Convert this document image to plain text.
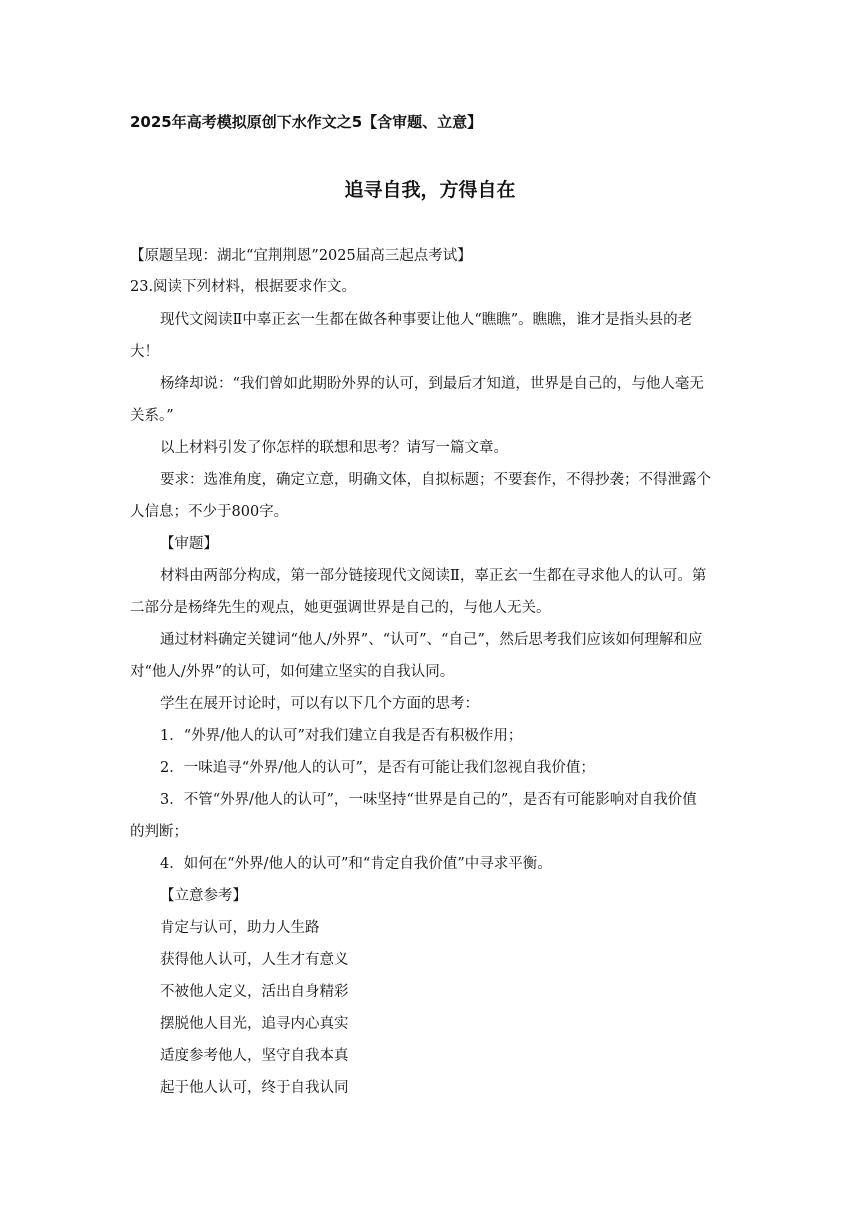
2025年高考模拟原创下水作文之5【含审题、立意】
追寻自我，方得自在
【原题呈现：湖北“宜荆荆恩”2025届高三起点考试】
23.阅读下列材料，根据要求作文。
现代文阅读Ⅱ中辜正玄一生都在做各种事要让他人“瞧瞧”。瞧瞧，谁才是指头县的老
大！
杨绛却说：“我们曾如此期盼外界的认可，到最后才知道，世界是自己的，与他人毫无
关系。”
以上材料引发了你怎样的联想和思考？请写一篇文章。
要求：选准角度，确定立意，明确文体，自拟标题；不要套作，不得抄袭；不得泄露个
人信息；不少于800字。
【审题】
材料由两部分构成，第一部分链接现代文阅读Ⅱ，辜正玄一生都在寻求他人的认可。第
二部分是杨绛先生的观点，她更强调世界是自己的，与他人无关。
通过材料确定关键词“他人/外界”、“认可”、“自己”，然后思考我们应该如何理解和应
对“他人/外界”的认可，如何建立坚实的自我认同。
学生在展开讨论时，可以有以下几个方面的思考：
1．“外界/他人的认可”对我们建立自我是否有积极作用；
2．一味追寻“外界/他人的认可”，是否有可能让我们忽视自我价值；
3．不管“外界/他人的认可”，一味坚持“世界是自己的”，是否有可能影响对自我价值
的判断；
4．如何在“外界/他人的认可”和“肯定自我价值”中寻求平衡。
【立意参考】
肯定与认可，助力人生路
获得他人认可，人生才有意义
不被他人定义，活出自身精彩
摆脱他人目光，追寻内心真实
适度参考他人，坚守自我本真
起于他人认可，终于自我认同
